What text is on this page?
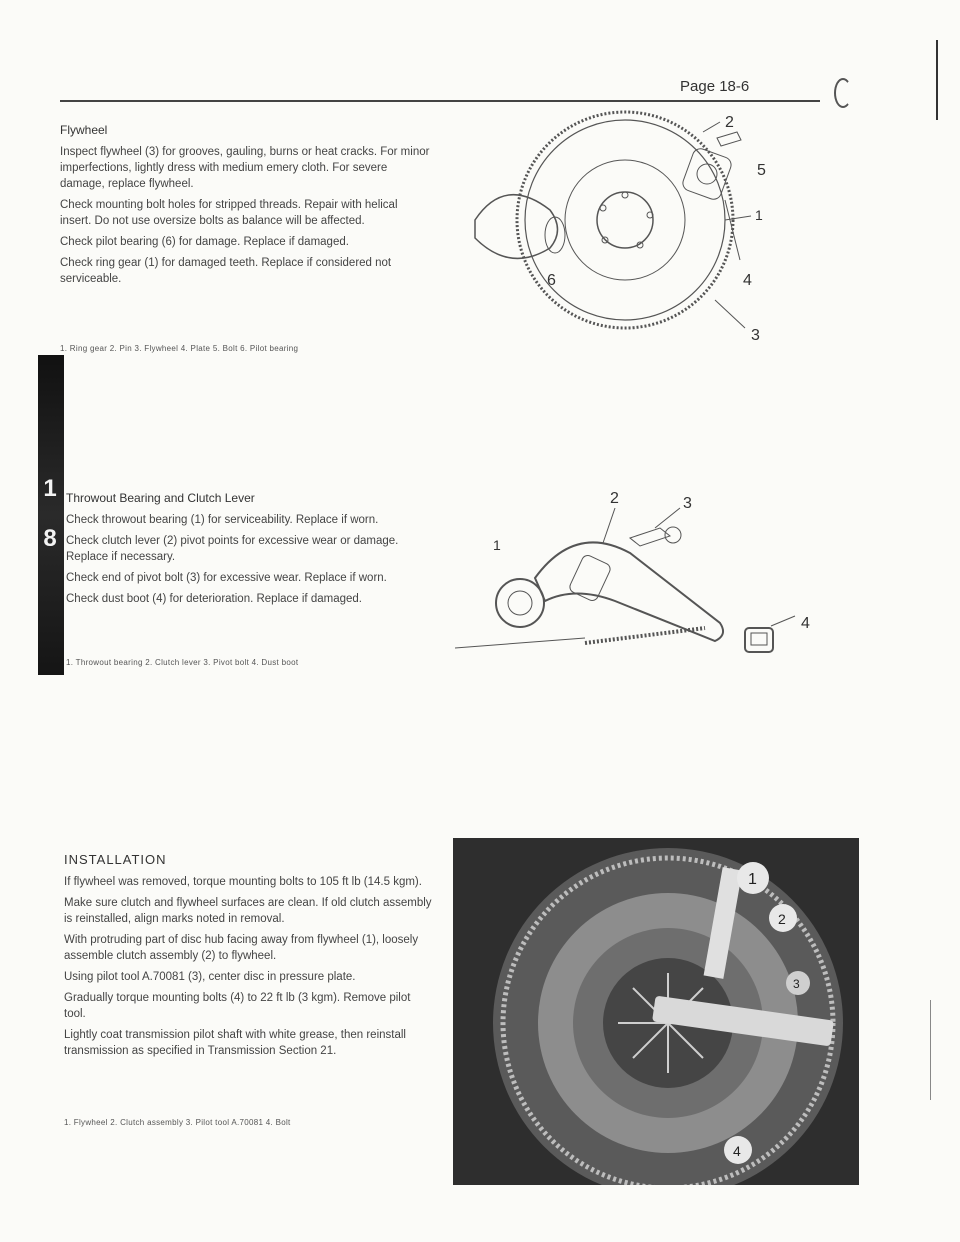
Page 18-6
Flywheel

Inspect flywheel (3) for grooves, gauling, burns or heat cracks. For minor imperfections, lightly dress with medium emery cloth. For severe damage, replace flywheel.

Check mounting bolt holes for stripped threads. Repair with helical insert. Do not use oversize bolts as balance will be affected.

Check pilot bearing (6) for damage. Replace if damaged.

Check ring gear (1) for damaged teeth. Replace if considered not serviceable.

1. Ring gear 2. Pin 3. Flywheel 4. Plate 5. Bolt 6. Pilot bearing
2
5
4
1
6
3
1
8
Throwout Bearing and Clutch Lever

Check throwout bearing (1) for serviceability. Replace if worn.

Check clutch lever (2) pivot points for excessive wear or damage. Replace if necessary.

Check end of pivot bolt (3) for excessive wear. Replace if worn.

Check dust boot (4) for deterioration. Replace if damaged.

1. Throwout bearing 2. Clutch lever 3. Pivot bolt 4. Dust boot
2	3
1
4
INSTALLATION

If flywheel was removed, torque mounting bolts to 105 ft lb (14.5 kgm).

Make sure clutch and flywheel surfaces are clean. If old clutch assembly is reinstalled, align marks noted in removal.

With protruding part of disc hub facing away from flywheel (1), loosely assemble clutch assembly (2) to flywheel.

Using pilot tool A.70081 (3), center disc in pressure plate.

Gradually torque mounting bolts (4) to 22 ft lb (3 kgm). Remove pilot tool.

Lightly coat transmission pilot shaft with white grease, then reinstall transmission as specified in Transmission Section 21.

1. Flywheel 2. Clutch assembly 3. Pilot tool A.70081 4. Bolt
1
2
3
4
